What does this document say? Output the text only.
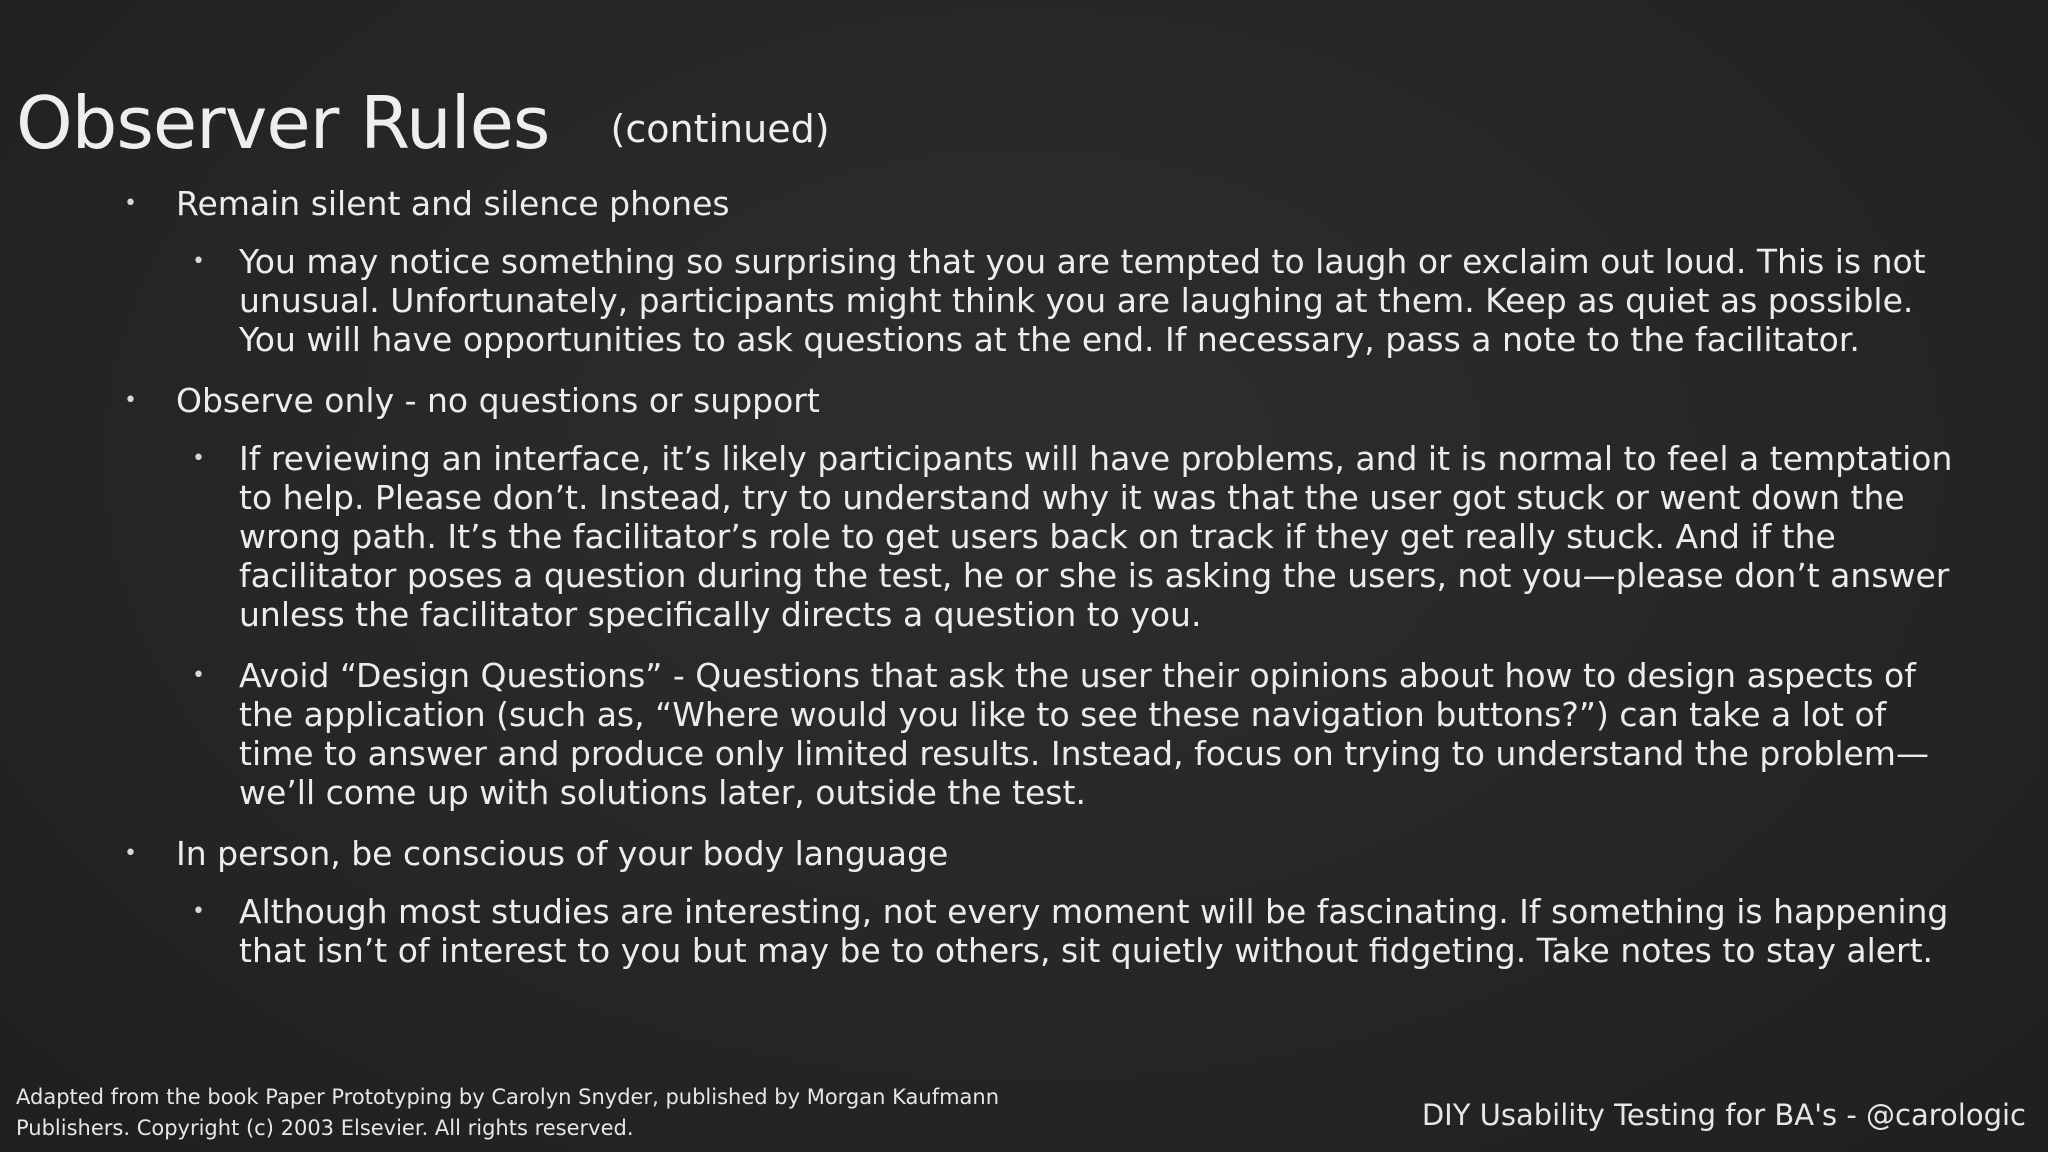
Observer Rules (continued)
• Remain silent and silence phones
• You may notice something so surprising that you are tempted to laugh or exclaim out loud. This is not unusual. Unfortunately, participants might think you are laughing at them. Keep as quiet as possible. You will have opportunities to ask questions at the end. If necessary, pass a note to the facilitator.
• Observe only - no questions or support
• If reviewing an interface, it’s likely participants will have problems, and it is normal to feel a temptation to help. Please don’t. Instead, try to understand why it was that the user got stuck or went down the wrong path. It’s the facilitator’s role to get users back on track if they get really stuck. And if the facilitator poses a question during the test, he or she is asking the users, not you—please don’t answer unless the facilitator specifically directs a question to you.
• Avoid “Design Questions” - Questions that ask the user their opinions about how to design aspects of the application (such as, “Where would you like to see these navigation buttons?”) can take a lot of time to answer and produce only limited results. Instead, focus on trying to understand the problem—we’ll come up with solutions later, outside the test.
• In person, be conscious of your body language
• Although most studies are interesting, not every moment will be fascinating. If something is happening that isn’t of interest to you but may be to others, sit quietly without fidgeting. Take notes to stay alert.
Adapted from the book Paper Prototyping by Carolyn Snyder, published by Morgan Kaufmann Publishers. Copyright (c) 2003 Elsevier. All rights reserved.	DIY Usability Testing for BA's - @carologic
